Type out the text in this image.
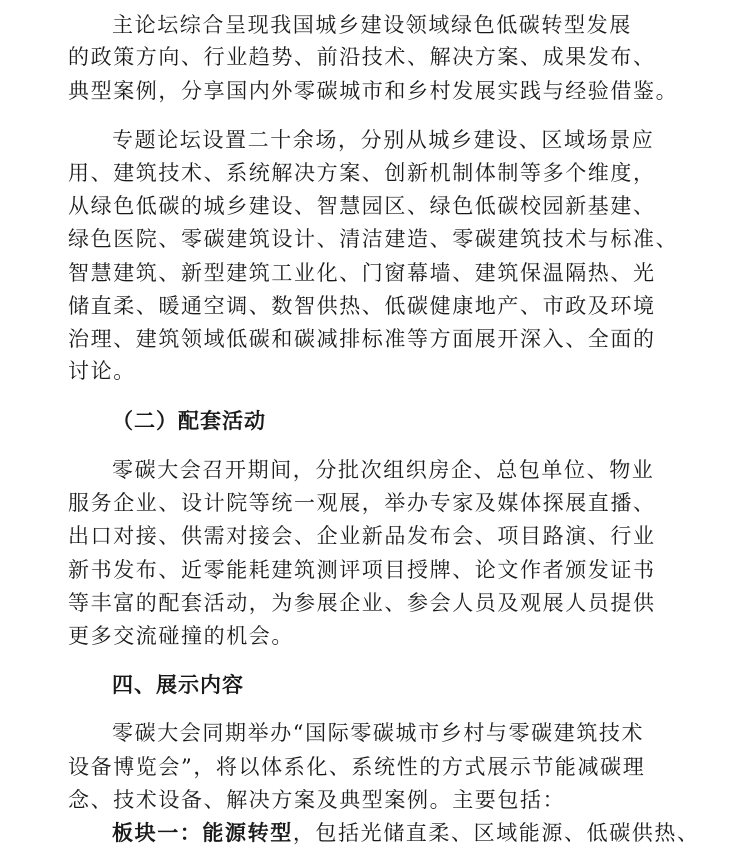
主论坛综合呈现我国城乡建设领域绿色低碳转型发展
的政策方向、行业趋势、前沿技术、解决方案、成果发布、
典型案例，分享国内外零碳城市和乡村发展实践与经验借鉴。
专题论坛设置二十余场，分别从城乡建设、区域场景应
用、建筑技术、系统解决方案、创新机制体制等多个维度，
从绿色低碳的城乡建设、智慧园区、绿色低碳校园新基建、
绿色医院、零碳建筑设计、清洁建造、零碳建筑技术与标准、
智慧建筑、新型建筑工业化、门窗幕墙、建筑保温隔热、光
储直柔、暖通空调、数智供热、低碳健康地产、市政及环境
治理、建筑领域低碳和碳减排标准等方面展开深入、全面的
讨论。
（二）配套活动
零碳大会召开期间，分批次组织房企、总包单位、物业
服务企业、设计院等统一观展，举办专家及媒体探展直播、
出口对接、供需对接会、企业新品发布会、项目路演、行业
新书发布、近零能耗建筑测评项目授牌、论文作者颁发证书
等丰富的配套活动，为参展企业、参会人员及观展人员提供
更多交流碰撞的机会。
四、展示内容
零碳大会同期举办“国际零碳城市乡村与零碳建筑技术
设备博览会”，将以体系化、系统性的方式展示节能减碳理
念、技术设备、解决方案及典型案例。主要包括：
板块一：能源转型，包括光储直柔、区域能源、低碳供热、
